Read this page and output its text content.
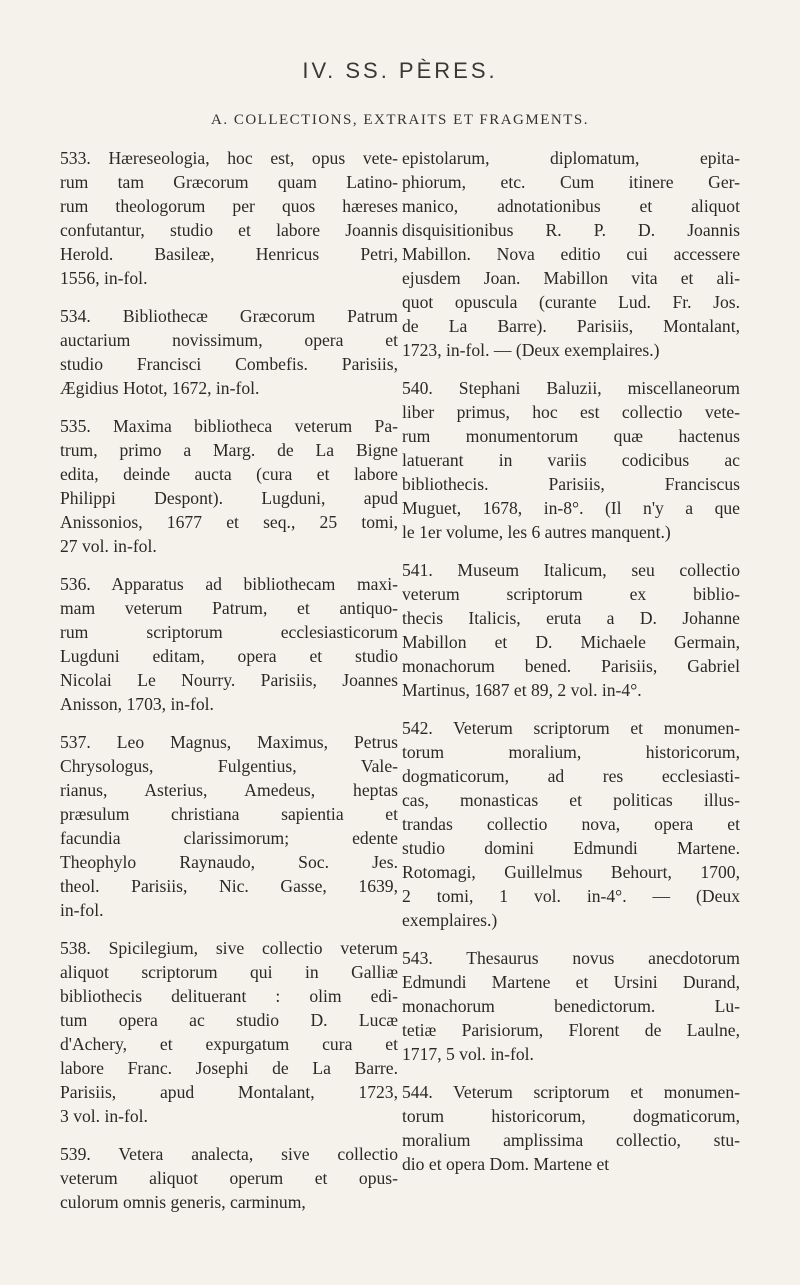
IV. SS. PÈRES.
A. COLLECTIONS, EXTRAITS ET FRAGMENTS.
533. Hæreseologia, hoc est, opus vete-
rum tam Græcorum quam Latino-
rum theologorum per quos hæreses
confutantur, studio et labore Joannis
Herold. Basileæ, Henricus Petri,
1556, in-fol.
534. Bibliothecæ Græcorum Patrum
auctarium novissimum, opera et
studio Francisci Combefis. Parisiis,
Ægidius Hotot, 1672, in-fol.
535. Maxima bibliotheca veterum Pa-
trum, primo a Marg. de La Bigne
edita, deinde aucta (cura et labore
Philippi Despont). Lugduni, apud
Anissonios, 1677 et seq., 25 tomi,
27 vol. in-fol.
536. Apparatus ad bibliothecam maxi-
mam veterum Patrum, et antiquo-
rum scriptorum ecclesiasticorum
Lugduni editam, opera et studio
Nicolai Le Nourry. Parisiis, Joannes
Anisson, 1703, in-fol.
537. Leo Magnus, Maximus, Petrus
Chrysologus, Fulgentius, Vale-
rianus, Asterius, Amedeus, heptas
præsulum christiana sapientia et
facundia clarissimorum; edente
Theophylo Raynaudo, Soc. Jes.
theol. Parisiis, Nic. Gasse, 1639,
in-fol.
538. Spicilegium, sive collectio veterum
aliquot scriptorum qui in Galliæ
bibliothecis delituerant : olim edi-
tum opera ac studio D. Lucæ
d'Achery, et expurgatum cura et
labore Franc. Josephi de La Barre.
Parisiis, apud Montalant, 1723,
3 vol. in-fol.
539. Vetera analecta, sive collectio
veterum aliquot operum et opus-
culorum omnis generis, carminum,
epistolarum, diplomatum, epita-
phiorum, etc. Cum itinere Ger-
manico, adnotationibus et aliquot
disquisitionibus R. P. D. Joannis
Mabillon. Nova editio cui accessere
ejusdem Joan. Mabillon vita et ali-
quot opuscula (curante Lud. Fr. Jos.
de La Barre). Parisiis, Montalant,
1723, in-fol. — (Deux exemplaires.)
540. Stephani Baluzii, miscellaneorum
liber primus, hoc est collectio vete-
rum monumentorum quæ hactenus
latuerant in variis codicibus ac
bibliothecis. Parisiis, Franciscus
Muguet, 1678, in-8°. (Il n'y a que
le 1er volume, les 6 autres manquent.)
541. Museum Italicum, seu collectio
veterum scriptorum ex biblio-
thecis Italicis, eruta a D. Johanne
Mabillon et D. Michaele Germain,
monachorum bened. Parisiis, Gabriel
Martinus, 1687 et 89, 2 vol. in-4°.
542. Veterum scriptorum et monumen-
torum moralium, historicorum,
dogmaticorum, ad res ecclesiasti-
cas, monasticas et politicas illus-
trandas collectio nova, opera et
studio domini Edmundi Martene.
Rotomagi, Guillelmus Behourt, 1700,
2 tomi, 1 vol. in-4°. — (Deux
exemplaires.)
543. Thesaurus novus anecdotorum
Edmundi Martene et Ursini Durand,
monachorum benedictorum. Lu-
tetiæ Parisiorum, Florent de Laulne,
1717, 5 vol. in-fol.
544. Veterum scriptorum et monumen-
torum historicorum, dogmaticorum,
moralium amplissima collectio, stu-
dio et opera Dom. Martene et
